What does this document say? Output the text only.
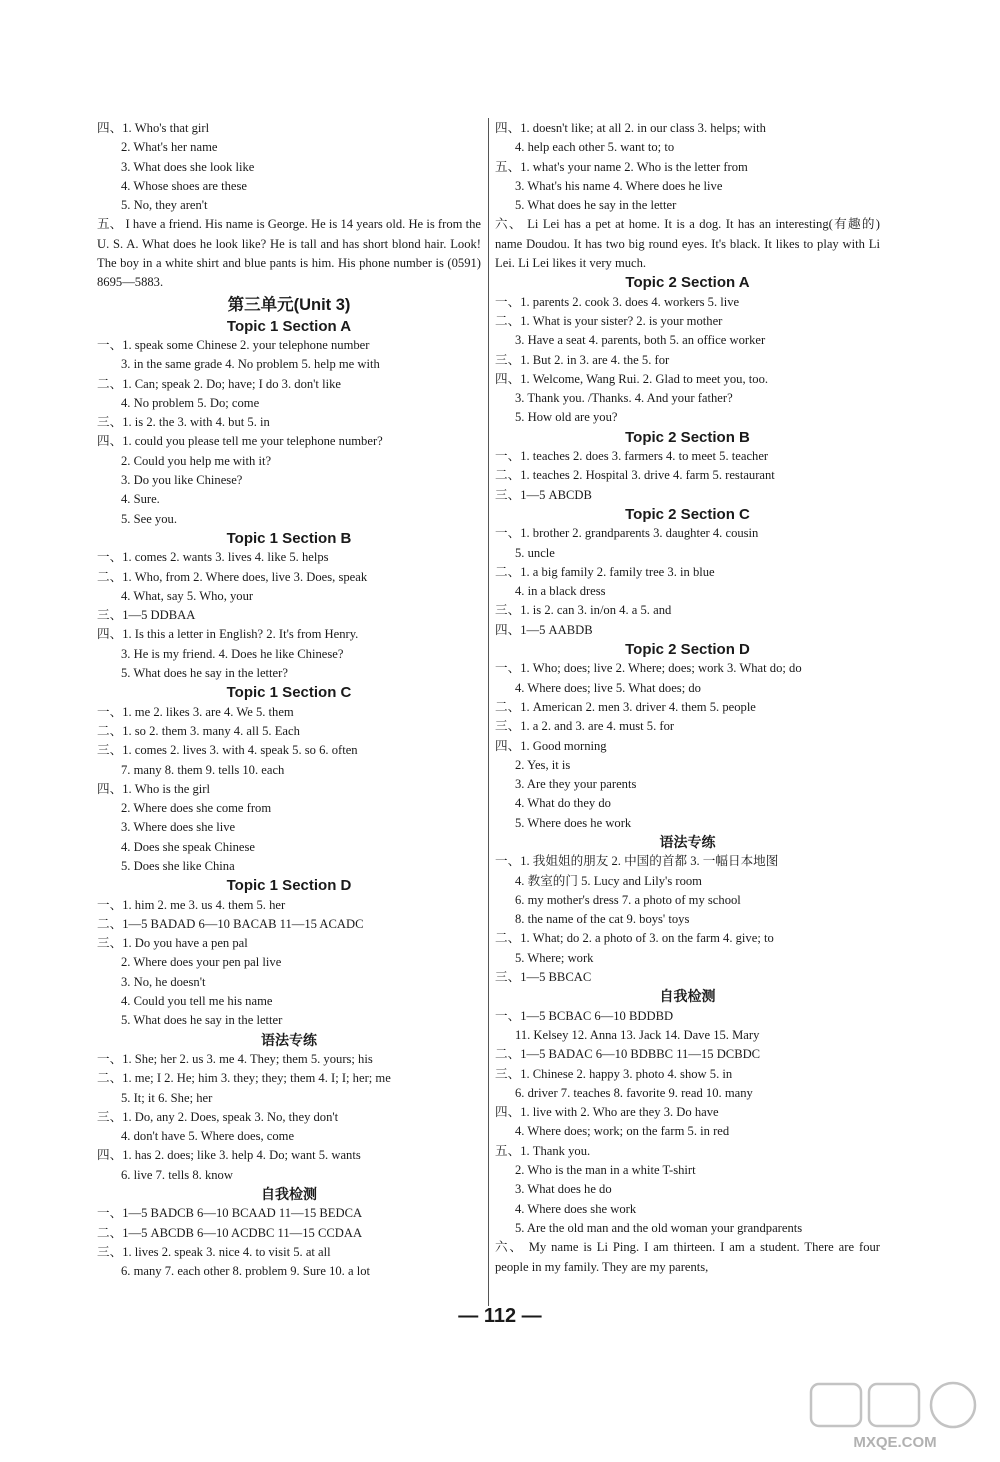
四、1. Who's that girl
2. What's her name
3. What does she look like
4. Whose shoes are these
5. No, they aren't
五、 I have a friend. His name is George. He is 14 years old. He is from the U. S. A. What does he look like? He is tall and has short blond hair. Look! The boy in a white shirt and blue pants is him. His phone number is (0591) 8695—5883.
第三单元(Unit 3)
Topic 1 Section A
一、1. speak some Chinese 2. your telephone number
3. in the same grade 4. No problem 5. help me with
二、1. Can; speak 2. Do; have; I do 3. don't like
4. No problem 5. Do; come
三、1. is 2. the 3. with 4. but 5. in
四、1. could you please tell me your telephone number?
2. Could you help me with it?
3. Do you like Chinese?
4. Sure.
5. See you.
Topic 1 Section B
一、1. comes 2. wants 3. lives 4. like 5. helps
二、1. Who, from 2. Where does, live 3. Does, speak
4. What, say 5. Who, your
三、1—5 DDBAA
四、1. Is this a letter in English? 2. It's from Henry.
3. He is my friend. 4. Does he like Chinese?
5. What does he say in the letter?
Topic 1 Section C
一、1. me 2. likes 3. are 4. We 5. them
二、1. so 2. them 3. many 4. all 5. Each
三、1. comes 2. lives 3. with 4. speak 5. so 6. often
7. many 8. them 9. tells 10. each
四、1. Who is the girl
2. Where does she come from
3. Where does she live
4. Does she speak Chinese
5. Does she like China
Topic 1 Section D
一、1. him 2. me 3. us 4. them 5. her
二、1—5 BADAD 6—10 BACAB 11—15 ACADC
三、1. Do you have a pen pal
2. Where does your pen pal live
3. No, he doesn't
4. Could you tell me his name
5. What does he say in the letter
语法专练
一、1. She; her 2. us 3. me 4. They; them 5. yours; his
二、1. me; I 2. He; him 3. they; they; them 4. I; I; her; me
5. It; it 6. She; her
三、1. Do, any 2. Does, speak 3. No, they don't
4. don't have 5. Where does, come
四、1. has 2. does; like 3. help 4. Do; want 5. wants
6. live 7. tells 8. know
自我检测
一、1—5 BADCB 6—10 BCAAD 11—15 BEDCA
二、1—5 ABCDB 6—10 ACDBC 11—15 CCDAA
三、1. lives 2. speak 3. nice 4. to visit 5. at all
6. many 7. each other 8. problem 9. Sure 10. a lot
四、1. doesn't like; at all 2. in our class 3. helps; with
4. help each other 5. want to; to
五、1. what's your name 2. Who is the letter from
3. What's his name 4. Where does he live
5. What does he say in the letter
六、 Li Lei has a pet at home. It is a dog. It has an interesting(有趣的) name Doudou. It has two big round eyes. It's black. It likes to play with Li Lei. Li Lei likes it very much.
Topic 2 Section A
一、1. parents 2. cook 3. does 4. workers 5. live
二、1. What is your sister? 2. is your mother
3. Have a seat 4. parents, both 5. an office worker
三、1. But 2. in 3. are 4. the 5. for
四、1. Welcome, Wang Rui. 2. Glad to meet you, too.
3. Thank you. /Thanks. 4. And your father?
5. How old are you?
Topic 2 Section B
一、1. teaches 2. does 3. farmers 4. to meet 5. teacher
二、1. teaches 2. Hospital 3. drive 4. farm 5. restaurant
三、1—5 ABCDB
Topic 2 Section C
一、1. brother 2. grandparents 3. daughter 4. cousin
5. uncle
二、1. a big family 2. family tree 3. in blue
4. in a black dress
三、1. is 2. can 3. in/on 4. a 5. and
四、1—5 AABDB
Topic 2 Section D
一、1. Who; does; live 2. Where; does; work 3. What do; do
4. Where does; live 5. What does; do
二、1. American 2. men 3. driver 4. them 5. people
三、1. a 2. and 3. are 4. must 5. for
四、1. Good morning
2. Yes, it is
3. Are they your parents
4. What do they do
5. Where does he work
语法专练
一、1. 我姐姐的朋友 2. 中国的首都 3. 一幅日本地图
4. 教室的门 5. Lucy and Lily's room
6. my mother's dress 7. a photo of my school
8. the name of the cat 9. boys' toys
二、1. What; do 2. a photo of 3. on the farm 4. give; to
5. Where; work
三、1—5 BBCAC
自我检测
一、1—5 BCBAC 6—10 BDDBD
11. Kelsey 12. Anna 13. Jack 14. Dave 15. Mary
二、1—5 BADAC 6—10 BDBBC 11—15 DCBDC
三、1. Chinese 2. happy 3. photo 4. show 5. in
6. driver 7. teaches 8. favorite 9. read 10. many
四、1. live with 2. Who are they 3. Do have
4. Where does; work; on the farm 5. in red
五、1. Thank you.
2. Who is the man in a white T-shirt
3. What does he do
4. Where does she work
5. Are the old man and the old woman your grandparents
六、 My name is Li Ping. I am thirteen. I am a student. There are four people in my family. They are my parents,
— 112 —
MXQE.COM
